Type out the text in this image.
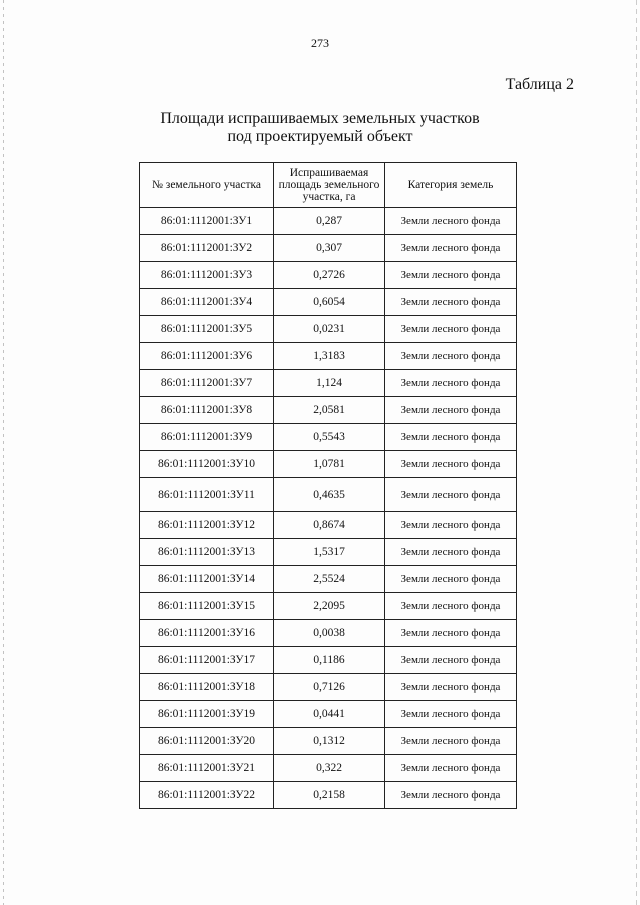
273
Таблица 2
Площади испрашиваемых земельных участков
под проектируемый объект
№ земельного участка	Испрашиваемая площадь земельного участка, га	Категория земель
86:01:1112001:ЗУ1	0,287	Земли лесного фонда
86:01:1112001:ЗУ2	0,307	Земли лесного фонда
86:01:1112001:ЗУ3	0,2726	Земли лесного фонда
86:01:1112001:ЗУ4	0,6054	Земли лесного фонда
86:01:1112001:ЗУ5	0,0231	Земли лесного фонда
86:01:1112001:ЗУ6	1,3183	Земли лесного фонда
86:01:1112001:ЗУ7	1,124	Земли лесного фонда
86:01:1112001:ЗУ8	2,0581	Земли лесного фонда
86:01:1112001:ЗУ9	0,5543	Земли лесного фонда
86:01:1112001:ЗУ10	1,0781	Земли лесного фонда
86:01:1112001:ЗУ11	0,4635	Земли лесного фонда
86:01:1112001:ЗУ12	0,8674	Земли лесного фонда
86:01:1112001:ЗУ13	1,5317	Земли лесного фонда
86:01:1112001:ЗУ14	2,5524	Земли лесного фонда
86:01:1112001:ЗУ15	2,2095	Земли лесного фонда
86:01:1112001:ЗУ16	0,0038	Земли лесного фонда
86:01:1112001:ЗУ17	0,1186	Земли лесного фонда
86:01:1112001:ЗУ18	0,7126	Земли лесного фонда
86:01:1112001:ЗУ19	0,0441	Земли лесного фонда
86:01:1112001:ЗУ20	0,1312	Земли лесного фонда
86:01:1112001:ЗУ21	0,322	Земли лесного фонда
86:01:1112001:ЗУ22	0,2158	Земли лесного фонда
